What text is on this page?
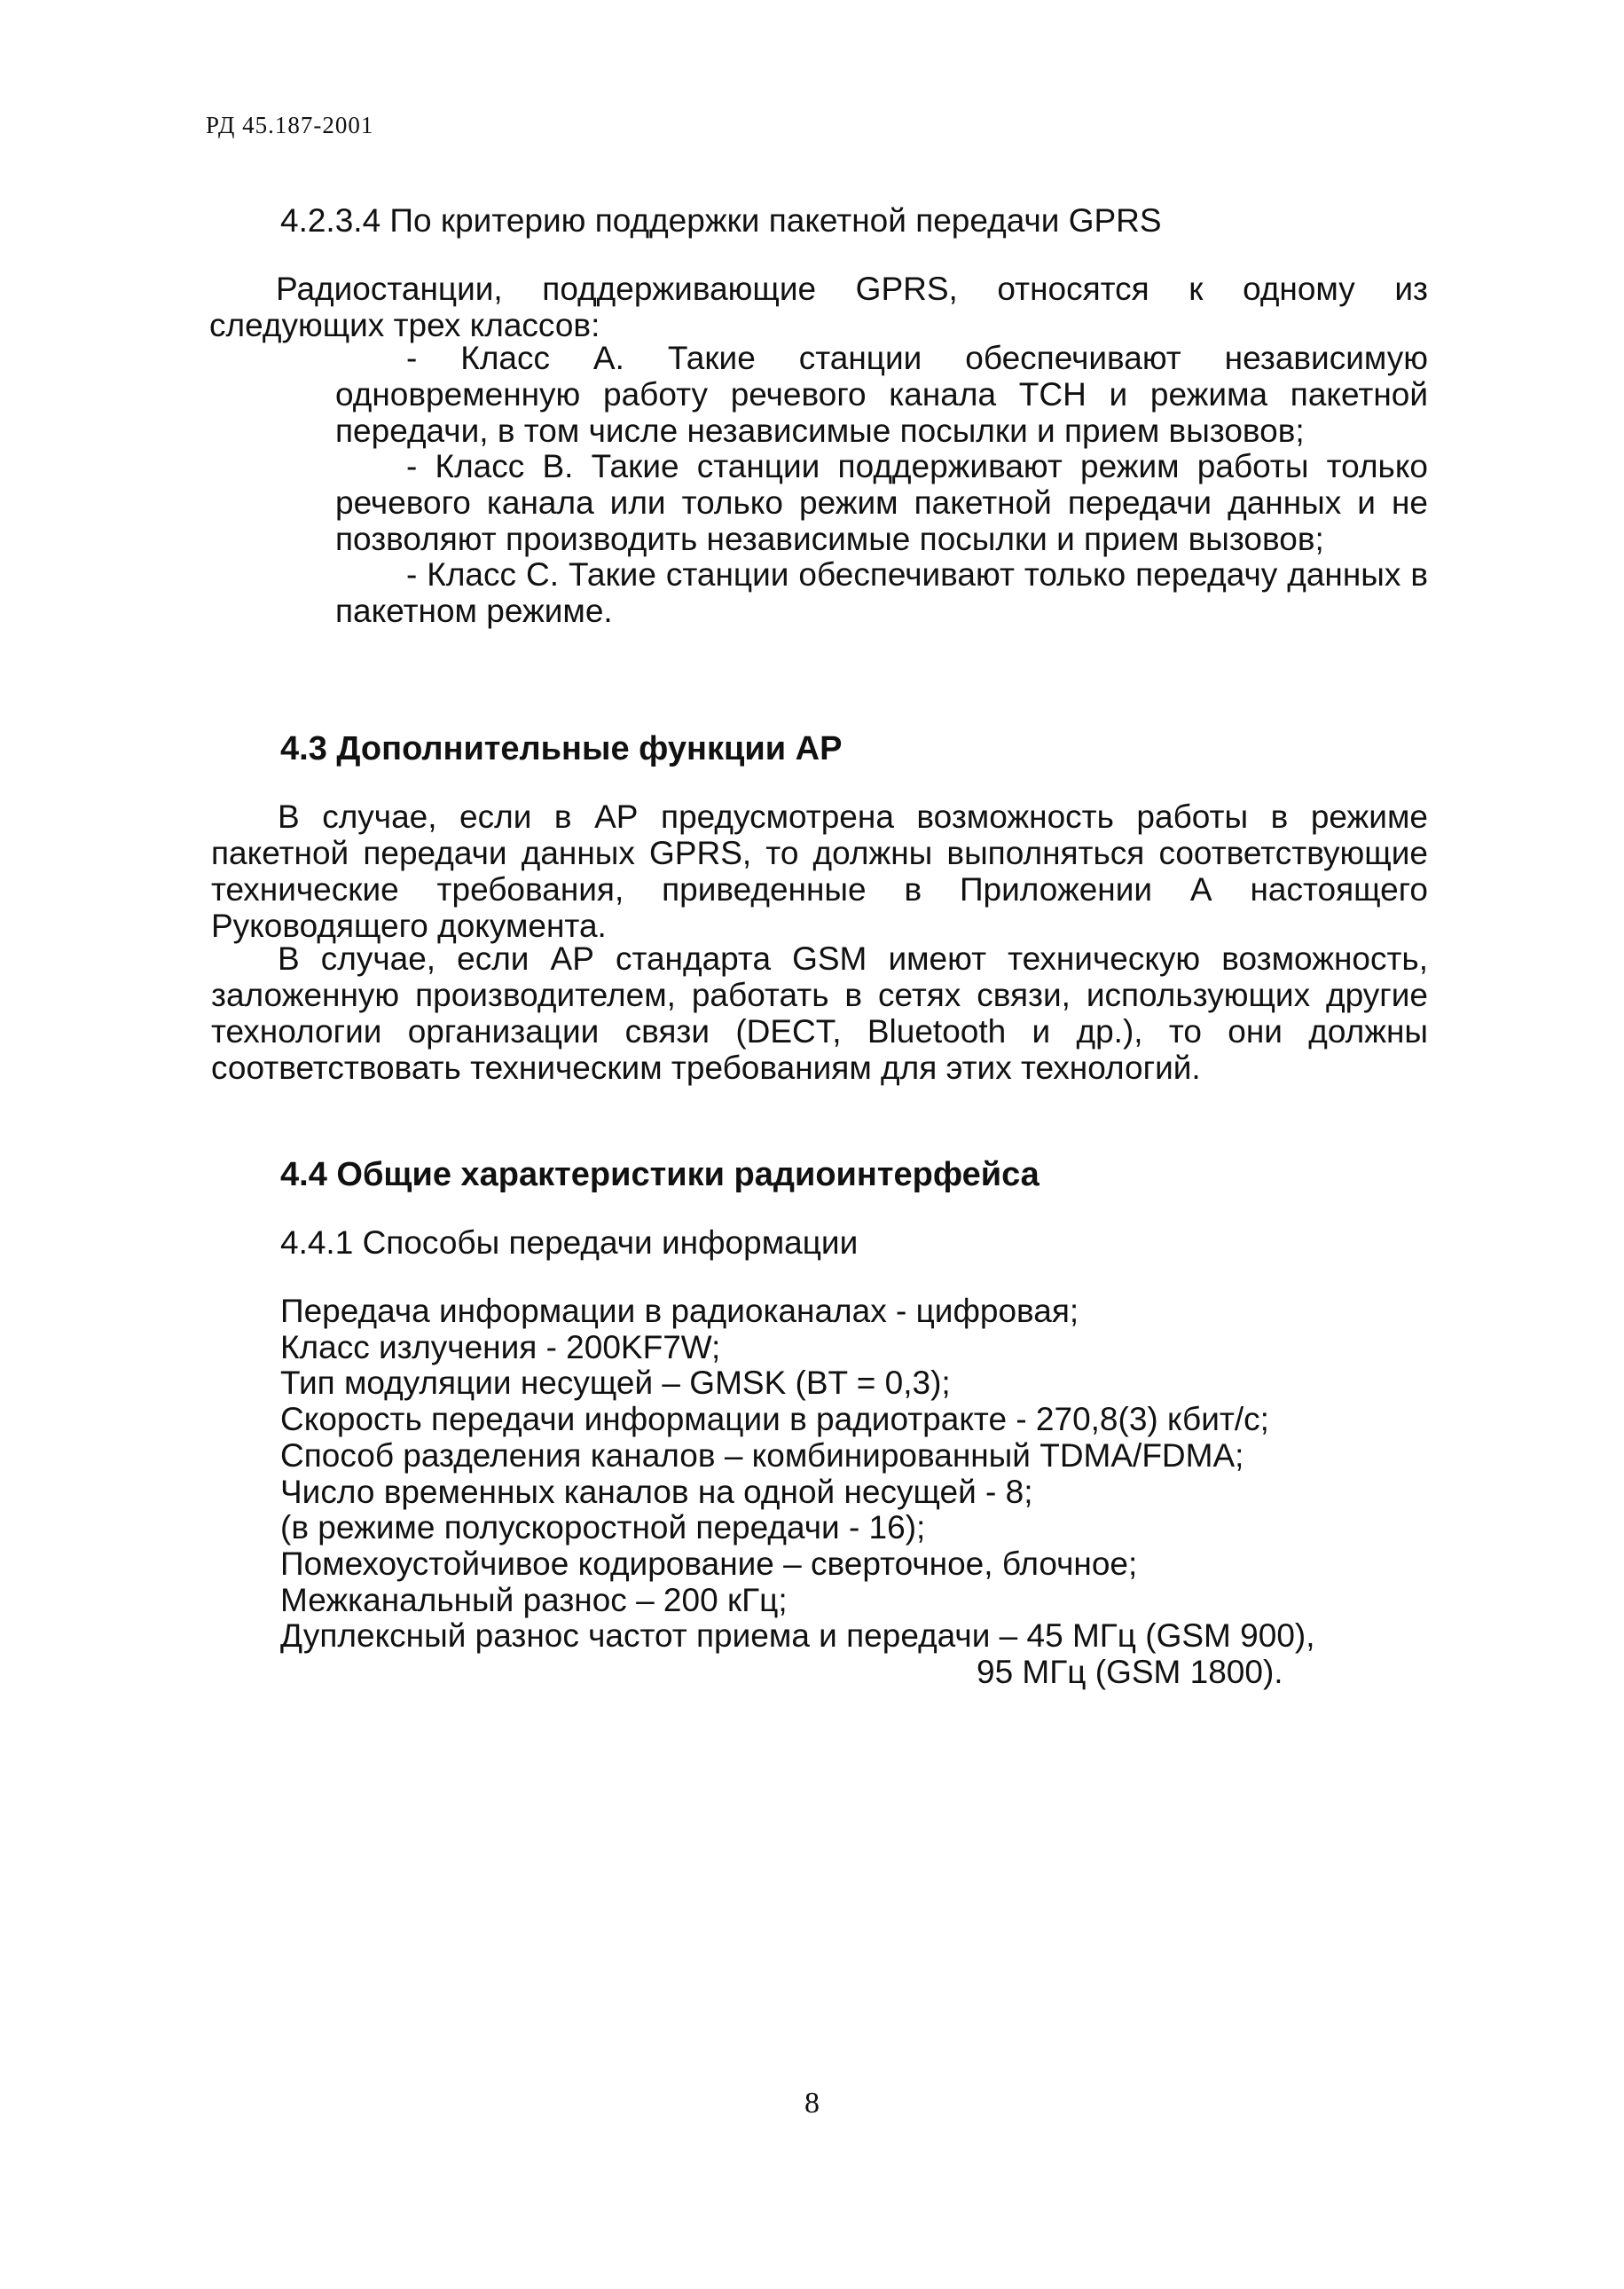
РД 45.187-2001
4.2.3.4 По критерию поддержки пакетной передачи GPRS

Радиостанции, поддерживающие GPRS, относятся к одному из следующих трех классов:

- Класс А. Такие станции обеспечивают независимую одновременную работу речевого канала ТСН и режима пакетной передачи, в том числе независимые посылки и прием вызовов;

- Класс В. Такие станции поддерживают режим работы только речевого канала или только режим пакетной передачи данных и не позволяют производить независимые посылки и прием вызовов;

- Класс С. Такие станции обеспечивают только передачу данных в пакетном режиме.

4.3 Дополнительные функции АР

В случае, если в АР предусмотрена возможность работы в режиме пакетной передачи данных GPRS, то должны выполняться соответствующие технические требования, приведенные в Приложении А настоящего Руководящего документа.

В случае, если АР стандарта GSM имеют техническую возможность, заложенную производителем, работать в сетях связи, использующих другие технологии организации связи (DECT, Bluetooth и др.), то они должны соответствовать техническим требованиям для этих технологий.

4.4 Общие характеристики радиоинтерфейса
4.4.1 Способы передачи информации
Передача информации в радиоканалах - цифровая;
Класс излучения - 200KF7W;
Тип модуляции несущей – GMSK (BT = 0,3);
Скорость передачи информации в радиотракте - 270,8(3) кбит/с;
Способ разделения каналов – комбинированный TDMA/FDMA;
Число временных каналов на одной несущей - 8;
(в режиме полускоростной передачи - 16);
Помехоустойчивое кодирование – сверточное, блочное;
Межканальный разнос – 200 кГц;
Дуплексный разнос частот приема и передачи – 45 МГц (GSM 900),
95 МГц (GSM 1800).
8
